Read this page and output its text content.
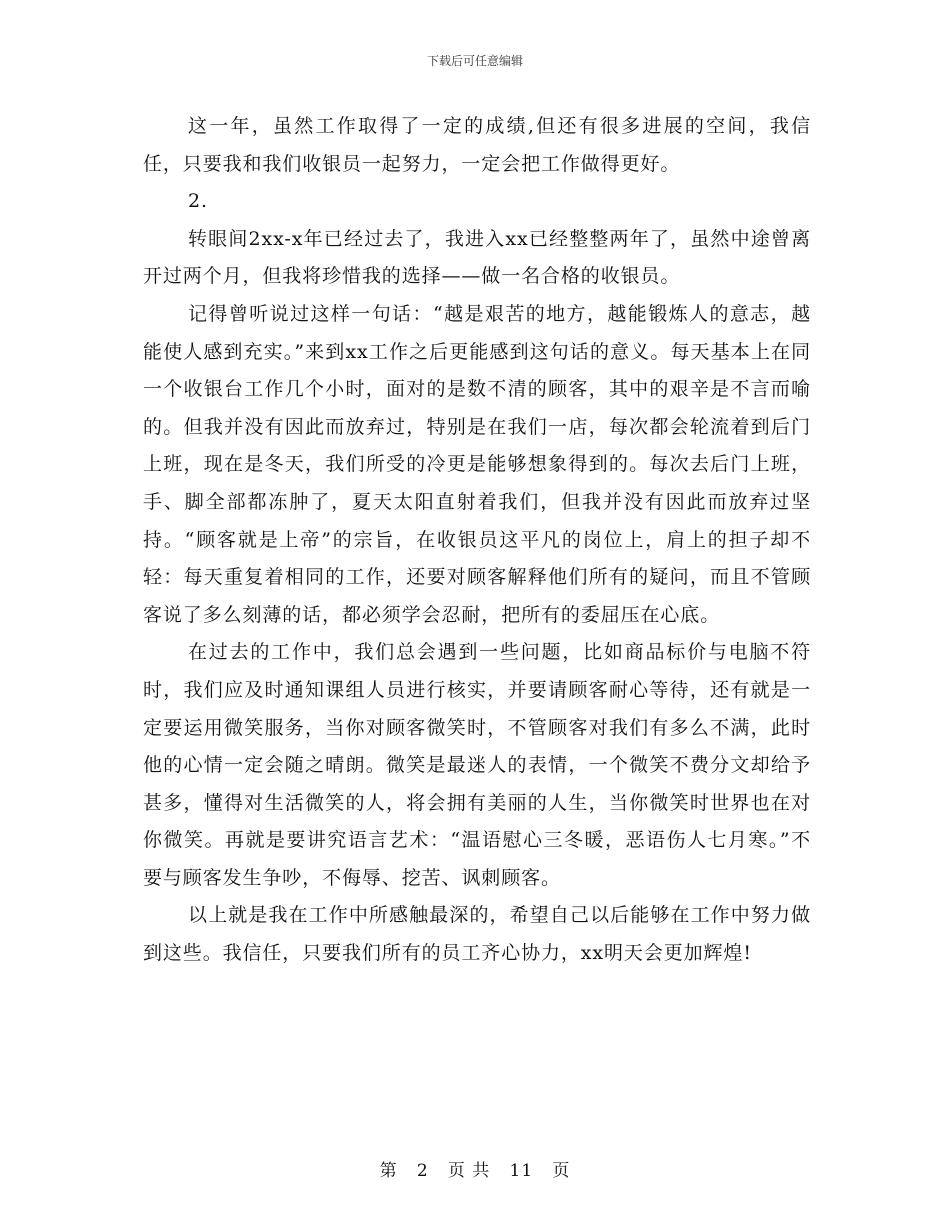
下载后可任意编辑

这一年，虽然工作取得了一定的成绩,但还有很多进展的空间，我信任，只要我和我们收银员一起努力，一定会把工作做得更好。

2.

转眼间2xx-x年已经过去了，我进入xx已经整整两年了，虽然中途曾离开过两个月，但我将珍惜我的选择——做一名合格的收银员。

记得曾听说过这样一句话：“越是艰苦的地方，越能锻炼人的意志，越能使人感到充实。”来到xx工作之后更能感到这句话的意义。每天基本上在同一个收银台工作几个小时，面对的是数不清的顾客，其中的艰辛是不言而喻的。但我并没有因此而放弃过，特别是在我们一店，每次都会轮流着到后门上班，现在是冬天，我们所受的冷更是能够想象得到的。每次去后门上班，手、脚全部都冻肿了，夏天太阳直射着我们，但我并没有因此而放弃过坚持。“顾客就是上帝”的宗旨，在收银员这平凡的岗位上，肩上的担子却不轻：每天重复着相同的工作，还要对顾客解释他们所有的疑问，而且不管顾客说了多么刻薄的话，都必须学会忍耐，把所有的委屈压在心底。

在过去的工作中，我们总会遇到一些问题，比如商品标价与电脑不符时，我们应及时通知课组人员进行核实，并要请顾客耐心等待，还有就是一定要运用微笑服务，当你对顾客微笑时，不管顾客对我们有多么不满，此时他的心情一定会随之晴朗。微笑是最迷人的表情，一个微笑不费分文却给予甚多，懂得对生活微笑的人，将会拥有美丽的人生，当你微笑时世界也在对你微笑。再就是要讲究语言艺术：“温语慰心三冬暖，恶语伤人七月寒。”不要与顾客发生争吵，不侮辱、挖苦、讽刺顾客。

以上就是我在工作中所感触最深的，希望自己以后能够在工作中努力做到这些。我信任，只要我们所有的员工齐心协力，xx明天会更加辉煌!

第 2 页 共 11 页
